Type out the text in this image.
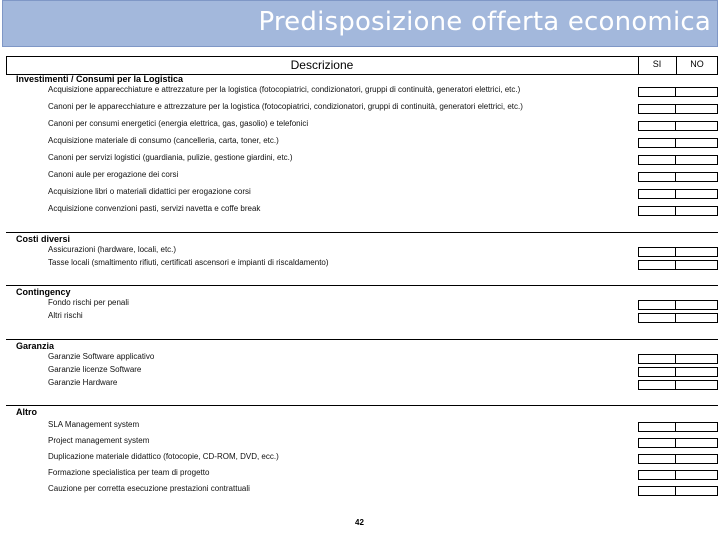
Predisposizione offerta economica
Descrizione	SI	NO
Investimenti / Consumi per la Logistica
Acquisizione apparecchiature e attrezzature per la logistica (fotocopiatrici, condizionatori, gruppi di continuità, generatori elettrici, etc.)
Canoni per le apparecchiature e attrezzature per la logistica (fotocopiatrici, condizionatori, gruppi di continuità, generatori elettrici, etc.)
Canoni per consumi energetici (energia elettrica, gas, gasolio) e telefonici
Acquisizione materiale di consumo (cancelleria, carta, toner, etc.)
Canoni per servizi logistici (guardiania, pulizie, gestione giardini, etc.)
Canoni aule per erogazione dei corsi
Acquisizione libri o materiali didattici per erogazione corsi
Acquisizione convenzioni pasti, servizi navetta e coffe break
Costi diversi
Assicurazioni (hardware, locali, etc.)
Tasse locali (smaltimento rifiuti, certificati ascensori e impianti di riscaldamento)
Contingency
Fondo rischi per penali
Altri rischi
Garanzia
Garanzie Software applicativo
Garanzie licenze Software
Garanzie Hardware
Altro
SLA Management system
Project management system
Duplicazione materiale didattico (fotocopie, CD-ROM, DVD, ecc.)
Formazione specialistica per team di progetto
Cauzione per corretta esecuzione prestazioni contrattuali
42
